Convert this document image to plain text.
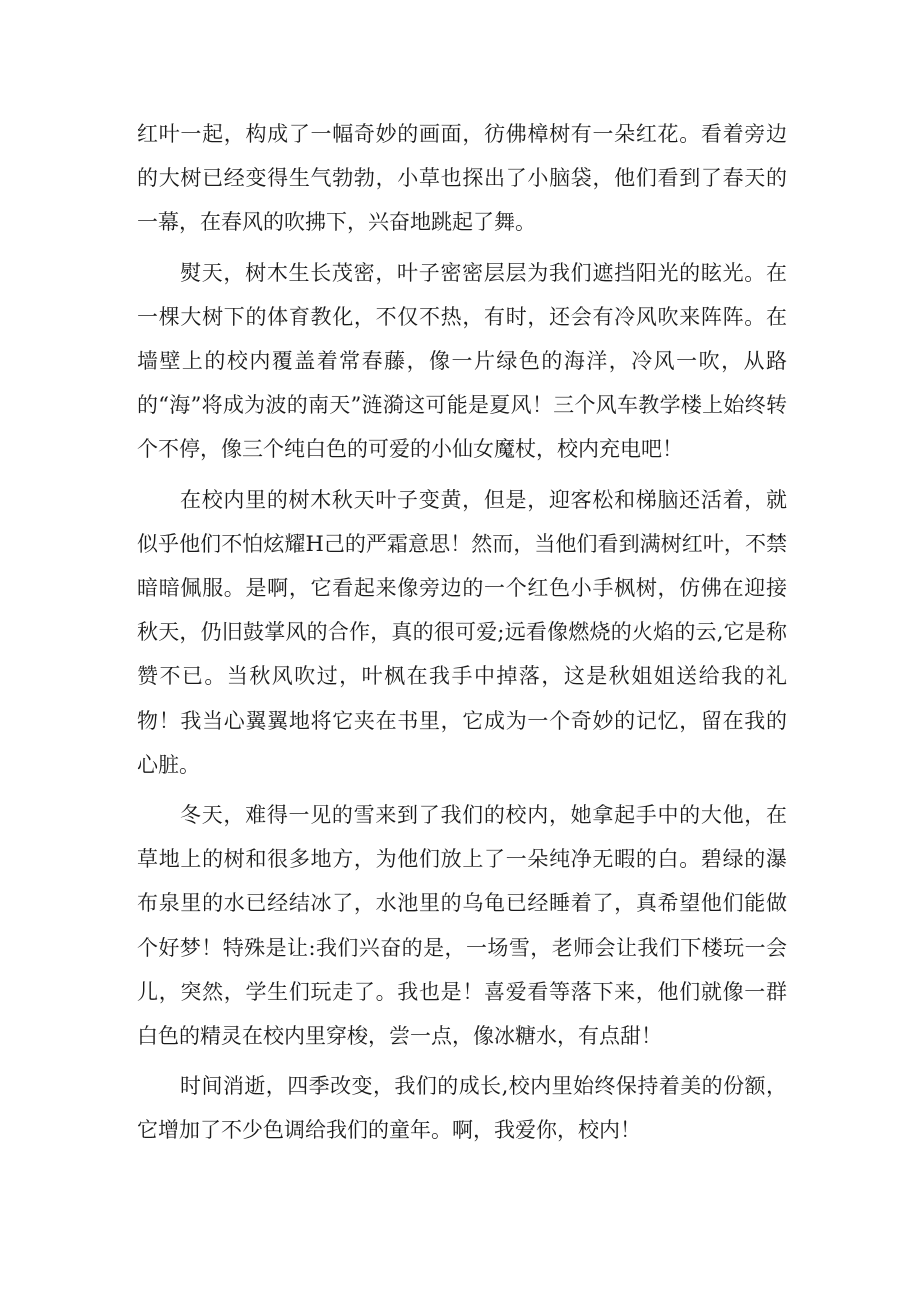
红叶一起，构成了一幅奇妙的画面，彷佛樟树有一朵红花。看着旁边的大树已经变得生气勃勃，小草也探出了小脑袋，他们看到了春天的一幕，在春风的吹拂下，兴奋地跳起了舞。

熨天，树木生长茂密，叶子密密层层为我们遮挡阳光的眩光。在一棵大树下的体育教化，不仅不热，有时，还会有冷风吹来阵阵。在墙壁上的校内覆盖着常春藤，像一片绿色的海洋，冷风一吹，从路的“海”将成为波的南天”涟漪这可能是夏风！三个风车教学楼上始终转个不停，像三个纯白色的可爱的小仙女魔杖，校内充电吧！

在校内里的树木秋天叶子变黄，但是，迎客松和梯脑还活着，就似乎他们不怕炫耀H己的严霜意思！然而，当他们看到满树红叶，不禁暗暗佩服。是啊，它看起来像旁边的一个红色小手枫树，仿佛在迎接秋天，仍旧鼓掌风的合作，真的很可爱;远看像燃烧的火焰的云,它是称赞不已。当秋风吹过，叶枫在我手中掉落，这是秋姐姐送给我的礼物！我当心翼翼地将它夹在书里，它成为一个奇妙的记忆，留在我的心脏。

冬天，难得一见的雪来到了我们的校内，她拿起手中的大他，在草地上的树和很多地方，为他们放上了一朵纯净无暇的白。碧绿的瀑布泉里的水已经结冰了，水池里的乌龟已经睡着了，真希望他们能做个好梦！特殊是让:我们兴奋的是，一场雪，老师会让我们下楼玩一会儿，突然，学生们玩走了。我也是！喜爱看等落下来，他们就像一群白色的精灵在校内里穿梭，尝一点，像冰糖水，有点甜！

时间消逝，四季改变，我们的成长,校内里始终保持着美的份额，它增加了不少色调给我们的童年。啊，我爱你，校内！
